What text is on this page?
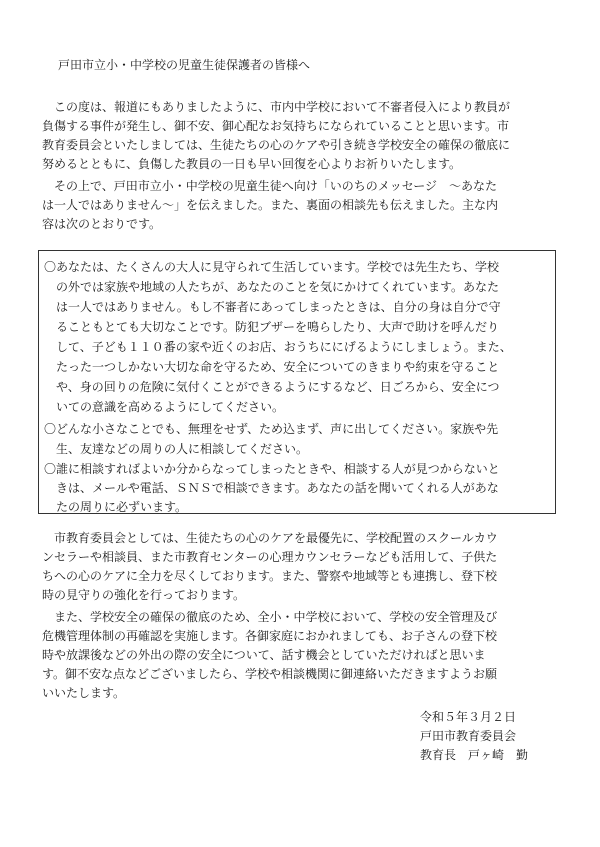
戸田市立小・中学校の児童生徒保護者の皆様へ
　この度は、報道にもありましたように、市内中学校において不審者侵入により教員が
負傷する事件が発生し、御不安、御心配なお気持ちになられていることと思います。市
教育委員会といたしましては、生徒たちの心のケアや引き続き学校安全の確保の徹底に
努めるとともに、負傷した教員の一日も早い回復を心よりお祈りいたします。
　その上で、戸田市立小・中学校の児童生徒へ向け「いのちのメッセージ　～あなた
は一人ではありません～」を伝えました。また、裏面の相談先も伝えました。主な内
容は次のとおりです。
〇あなたは、たくさんの大人に見守られて生活しています。学校では先生たち、学校
　の外では家族や地域の人たちが、あなたのことを気にかけてくれています。あなた
　は一人ではありません。もし不審者にあってしまったときは、自分の身は自分で守
　ることもとても大切なことです。防犯ブザーを鳴らしたり、大声で助けを呼んだり
　して、子ども１１０番の家や近くのお店、おうちににげるようにしましょう。また、
　たった一つしかない大切な命を守るため、安全についてのきまりや約束を守ること
　や、身の回りの危険に気付くことができるようにするなど、日ごろから、安全につ
　いての意識を高めるようにしてください。
〇どんな小さなことでも、無理をせず、ため込まず、声に出してください。家族や先
　生、友達などの周りの人に相談してください。
〇誰に相談すればよいか分からなってしまったときや、相談する人が見つからないと
　きは、メールや電話、ＳＮＳで相談できます。あなたの話を聞いてくれる人があな
　たの周りに必ずいます。
　市教育委員会としては、生徒たちの心のケアを最優先に、学校配置のスクールカウ
ンセラーや相談員、また市教育センターの心理カウンセラーなども活用して、子供た
ちへの心のケアに全力を尽くしております。また、警察や地域等とも連携し、登下校
時の見守りの強化を行っております。
　また、学校安全の確保の徹底のため、全小・中学校において、学校の安全管理及び
危機管理体制の再確認を実施します。各御家庭におかれましても、お子さんの登下校
時や放課後などの外出の際の安全について、話す機会としていただければと思いま
す。御不安な点などございましたら、学校や相談機関に御連絡いただきますようお願
いいたします。
令和５年３月２日
戸田市教育委員会
教育長　戸ヶ崎　勤
